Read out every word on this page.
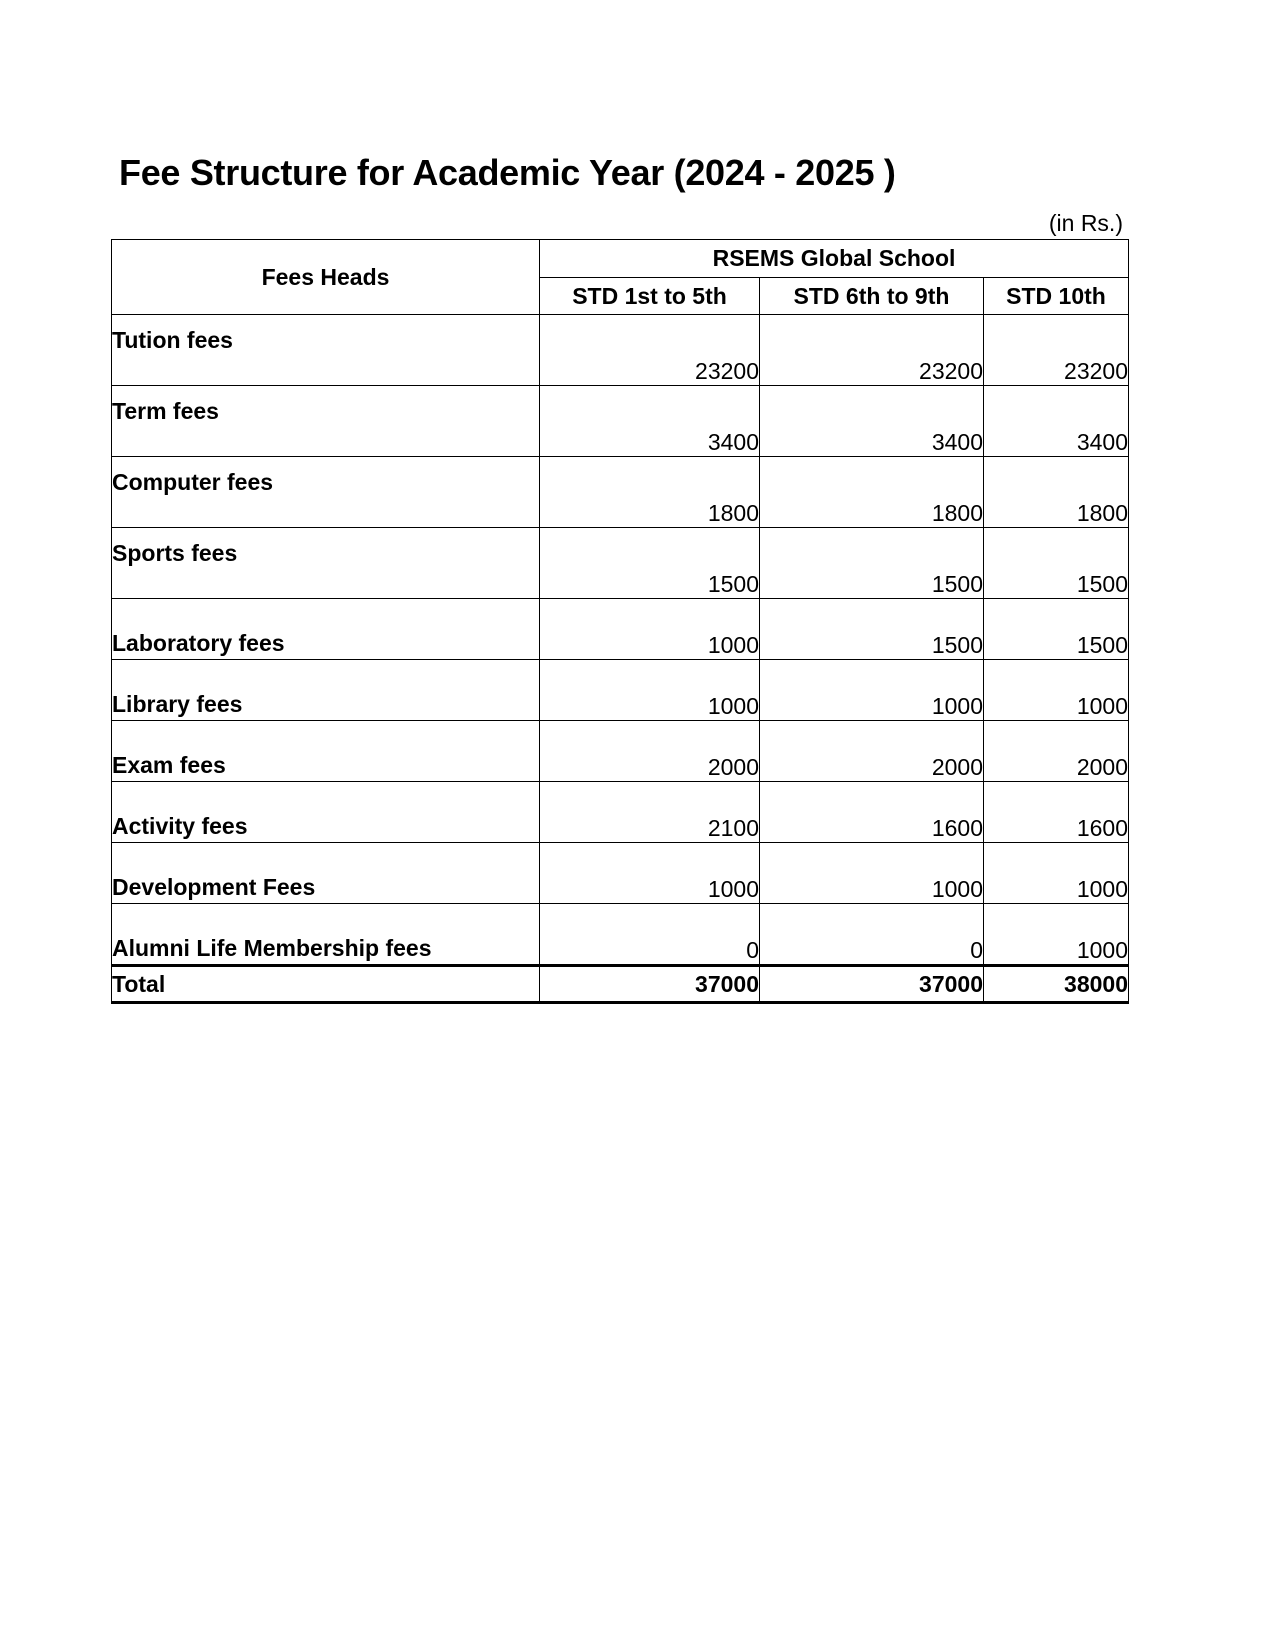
Fee Structure for Academic Year (2024 - 2025 )
(in Rs.)
Fees Heads	RSEMS Global School		
	STD 1st to 5th	STD 6th to 9th	STD 10th
Tution fees	23200	23200	23200
Term fees	3400	3400	3400
Computer fees	1800	1800	1800
Sports fees	1500	1500	1500
Laboratory fees	1000	1500	1500
Library fees	1000	1000	1000
Exam fees	2000	2000	2000
Activity fees	2100	1600	1600
Development Fees	1000	1000	1000
Alumni Life Membership fees	0	0	1000
Total	37000	37000	38000
